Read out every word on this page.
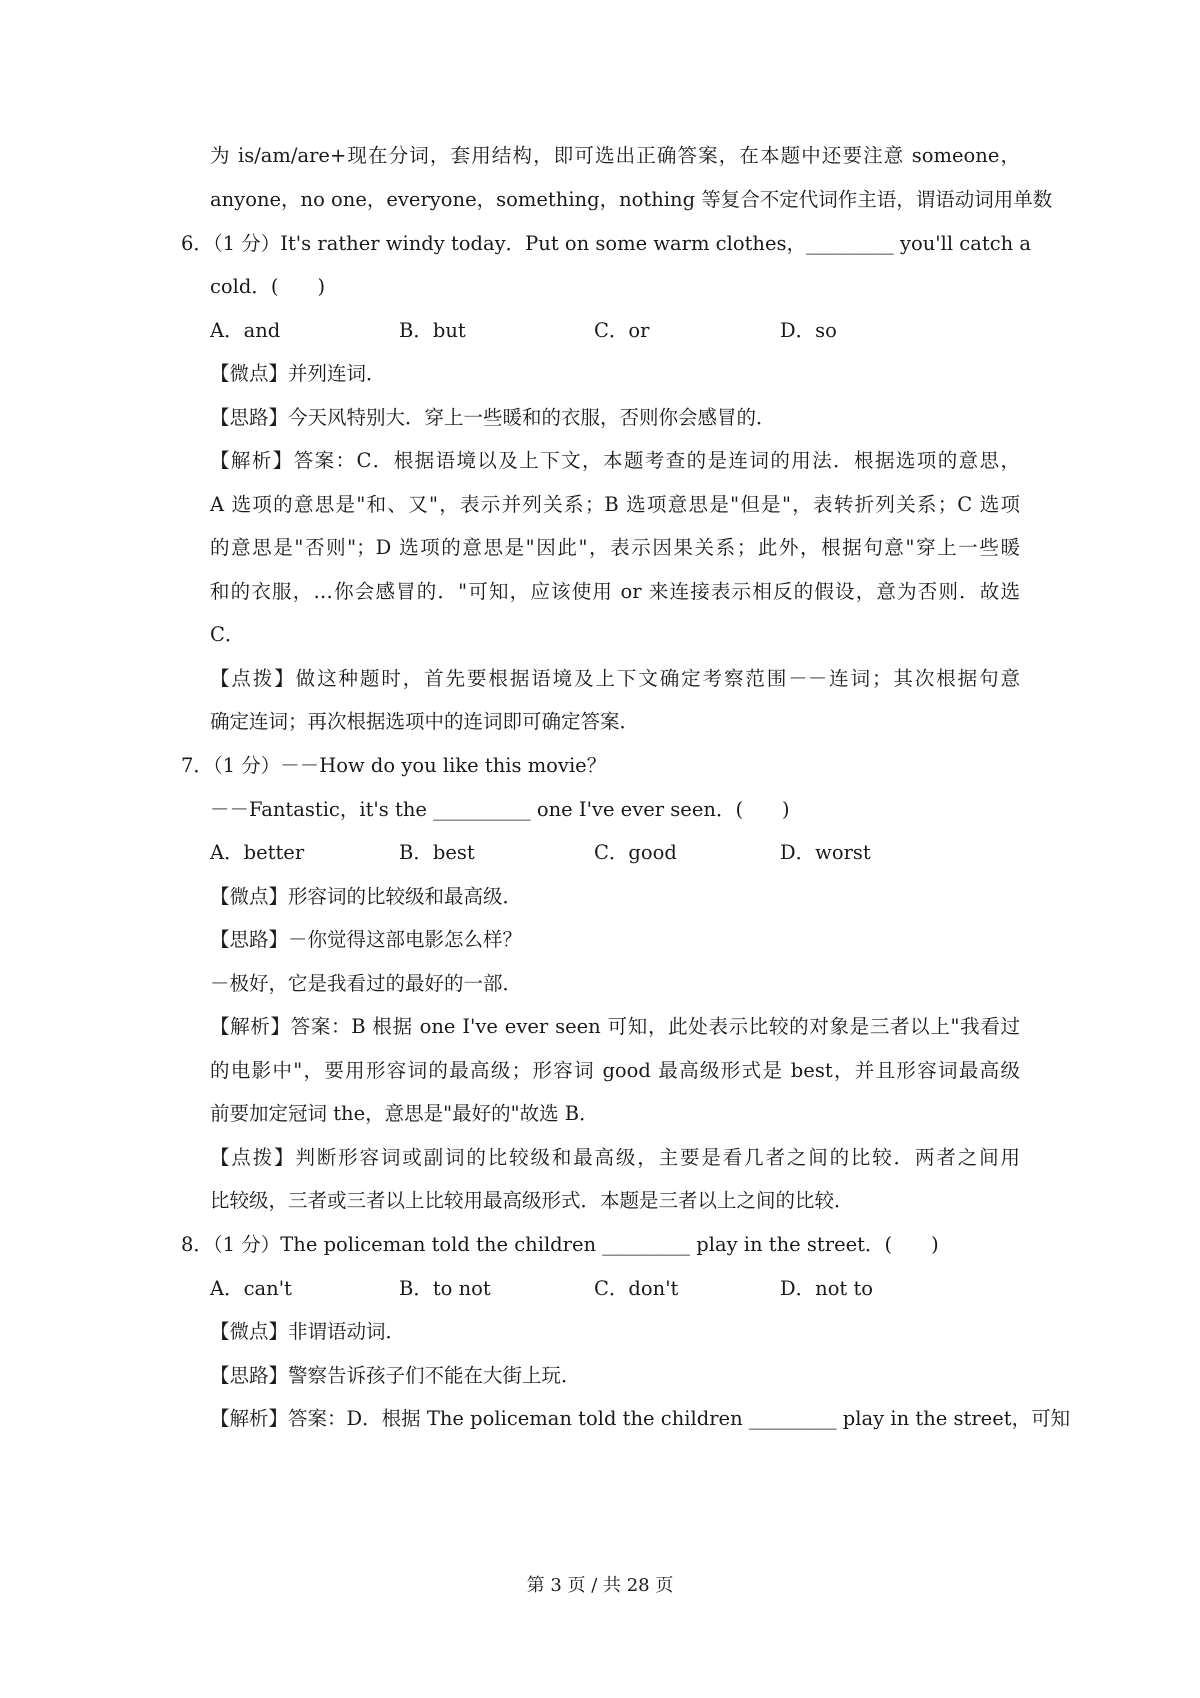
为 is/am/are+现在分词，套用结构，即可选出正确答案，在本题中还要注意 someone，
anyone，no one，everyone，something，nothing 等复合不定代词作主语，谓语动词用单数
6．（1 分）It's rather windy today．Put on some warm clothes，_________ you'll catch a
cold．(　　)
A．and	B．but	C．or	D．so
【微点】并列连词．
【思路】今天风特别大．穿上一些暖和的衣服，否则你会感冒的．
【解析】答案：C．根据语境以及上下文，本题考查的是连词的用法．根据选项的意思，
A 选项的意思是"和、又"，表示并列关系；B 选项意思是"但是"，表转折列关系；C 选项
的意思是"否则"；D 选项的意思是"因此"，表示因果关系；此外，根据句意"穿上一些暖
和的衣服，…你会感冒的．"可知，应该使用 or 来连接表示相反的假设，意为否则．故选
C．
【点拨】做这种题时，首先要根据语境及上下文确定考察范围－－连词；其次根据句意
确定连词；再次根据选项中的连词即可确定答案．
7．（1 分）－－How do you like this movie？
－－Fantastic，it's the __________ one I've ever seen．(　　)
A．better	B．best	C．good	D．worst
【微点】形容词的比较级和最高级．
【思路】－你觉得这部电影怎么样？
－极好，它是我看过的最好的一部．
【解析】答案：B 根据 one I've ever seen 可知，此处表示比较的对象是三者以上"我看过
的电影中"，要用形容词的最高级；形容词 good 最高级形式是 best，并且形容词最高级
前要加定冠词 the，意思是"最好的"故选 B．
【点拨】判断形容词或副词的比较级和最高级，主要是看几者之间的比较．两者之间用
比较级，三者或三者以上比较用最高级形式．本题是三者以上之间的比较．
8．（1 分）The policeman told the children _________ play in the street．(　　)
A．can't	B．to not	C．don't	D．not to
【微点】非谓语动词．
【思路】警察告诉孩子们不能在大街上玩．
【解析】答案：D．根据 The policeman told the children _________ play in the street，可知
第 3 页 / 共 28 页
